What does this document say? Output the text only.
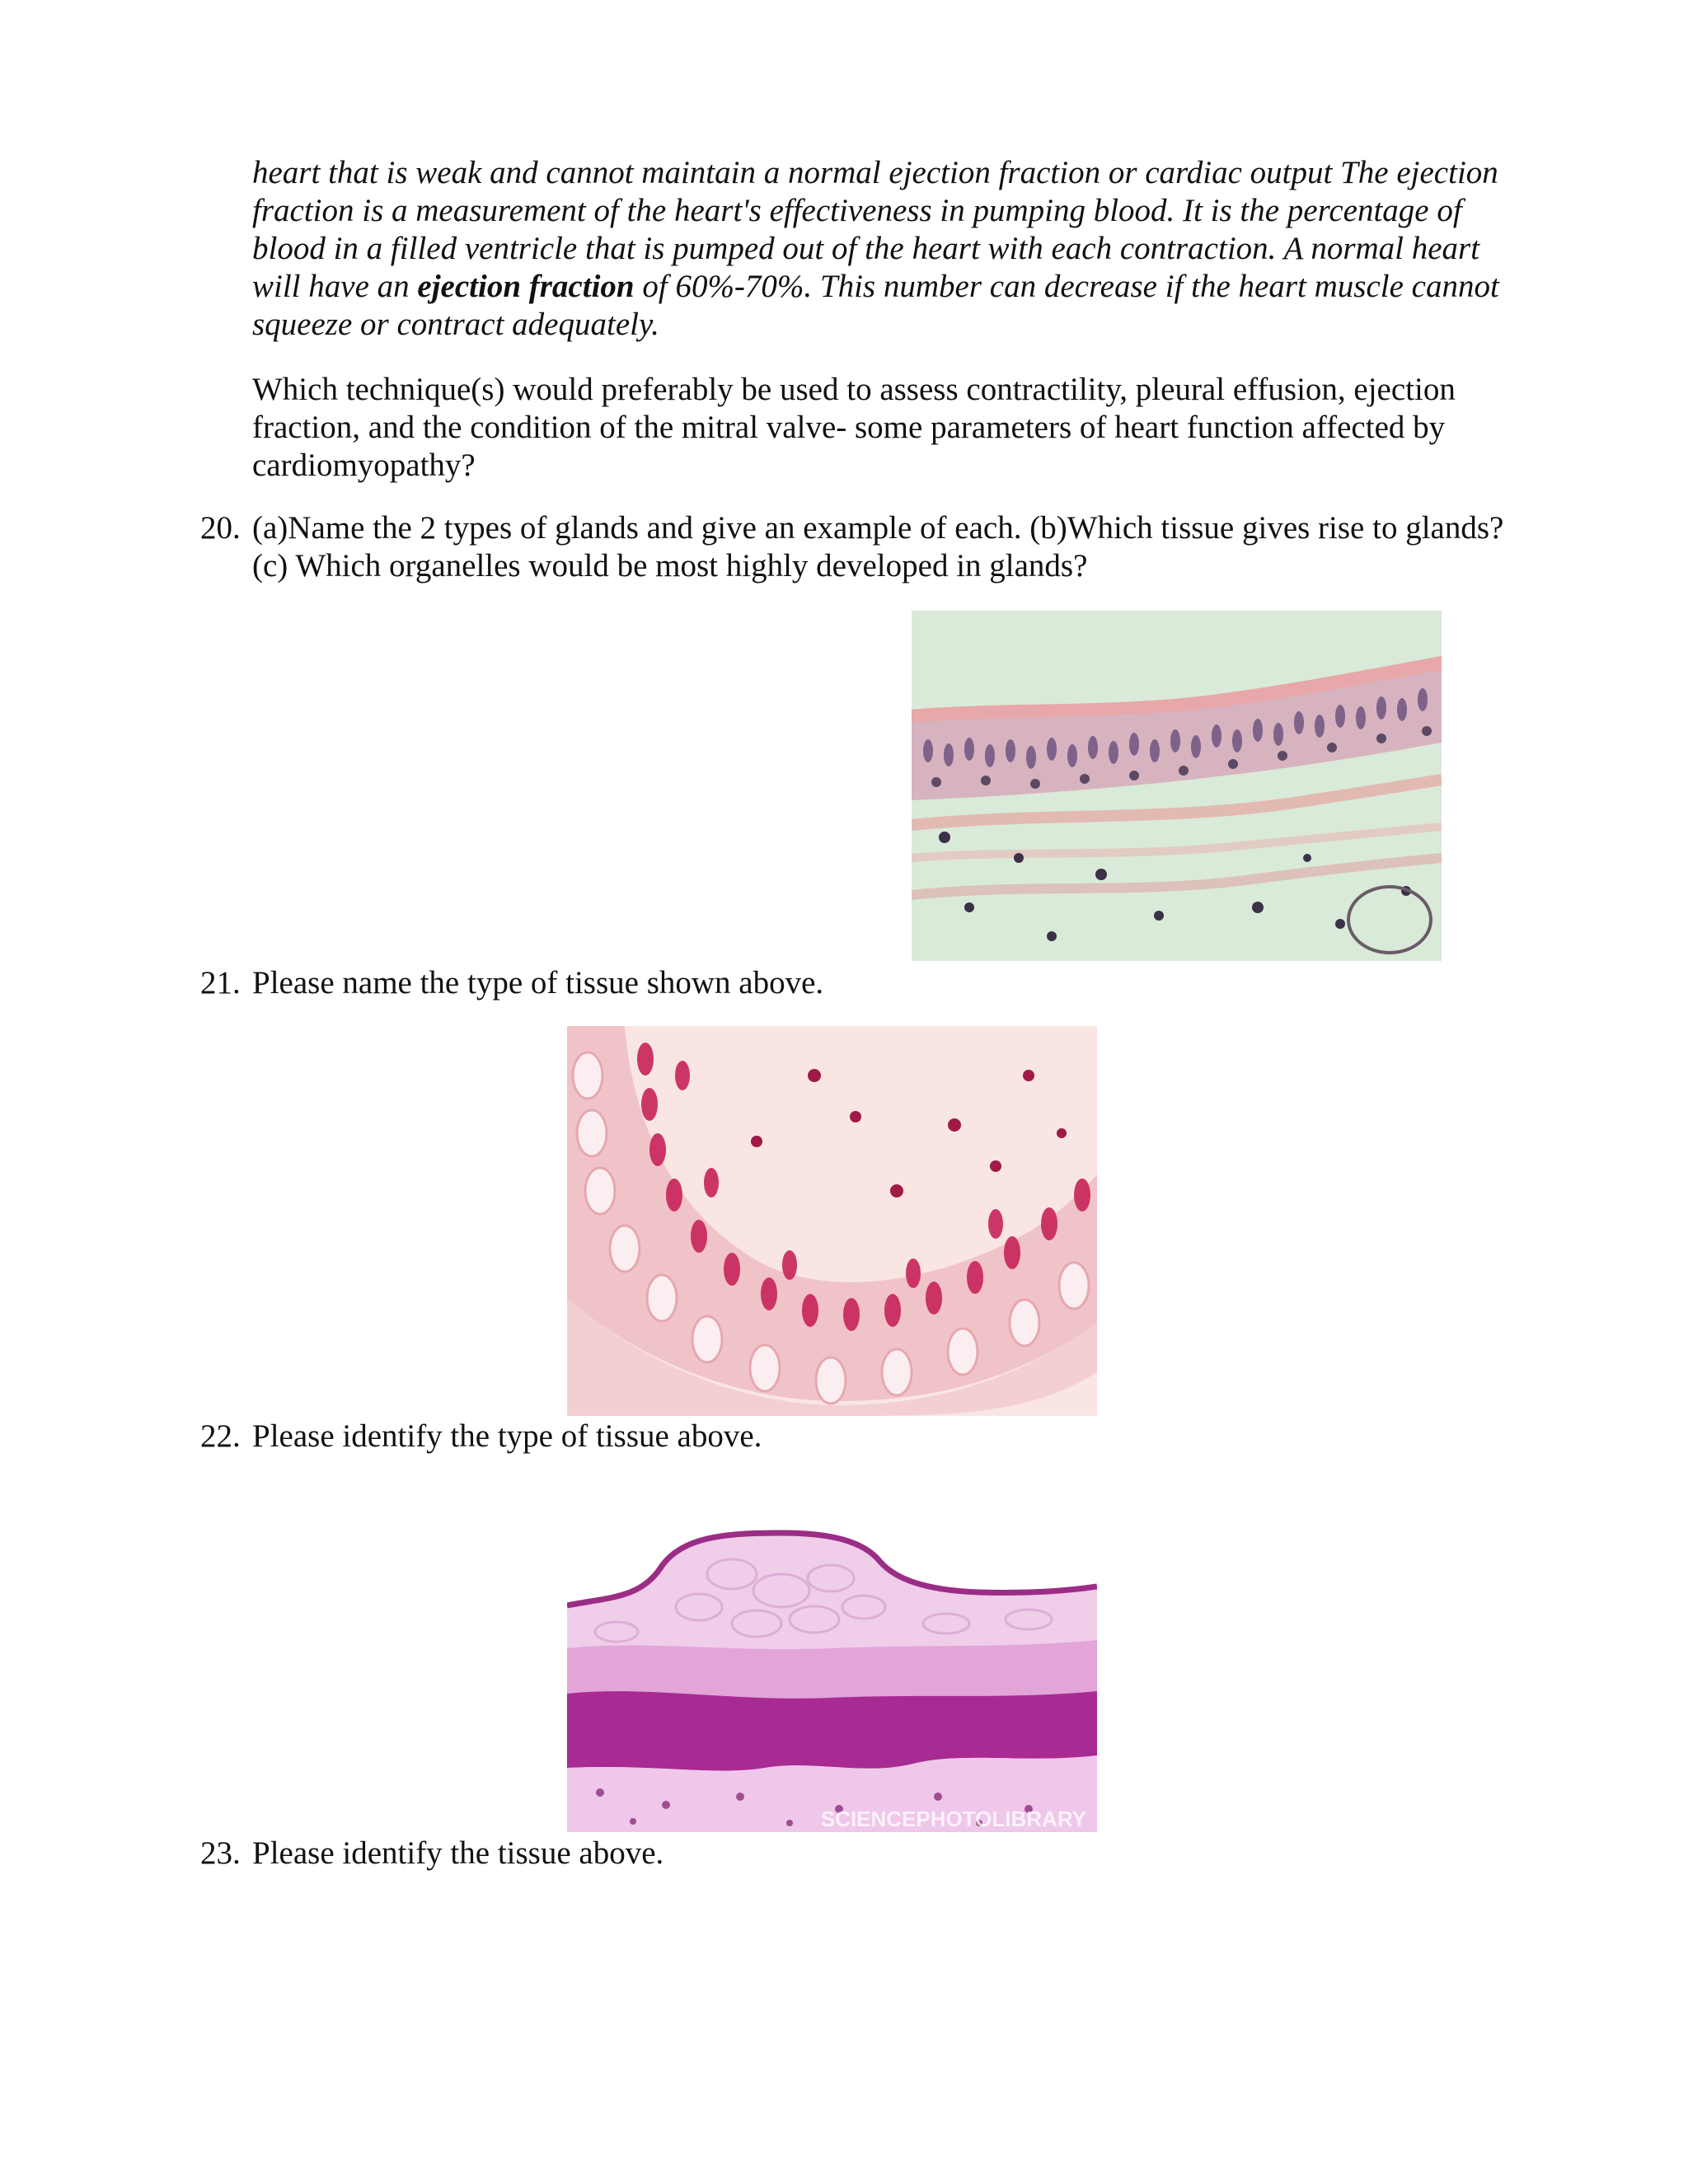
heart that is weak and cannot maintain a normal ejection fraction or cardiac output The ejection fraction is a measurement of the heart's effectiveness in pumping blood. It is the percentage of blood in a filled ventricle that is pumped out of the heart with each contraction. A normal heart will have an ejection fraction of 60%-70%. This number can decrease if the heart muscle cannot squeeze or contract adequately.

Which technique(s) would preferably be used to assess contractility, pleural effusion, ejection fraction, and the condition of the mitral valve- some parameters of heart function affected by cardiomyopathy?

20. (a)Name the 2 types of glands and give an example of each. (b)Which tissue gives rise to glands?(c) Which organelles would be most highly developed in glands?
21. Please name the type of tissue shown above.
22. Please identify the type of tissue above.
SCIENCEPHOTOLIBRARY
23. Please identify the tissue above.
